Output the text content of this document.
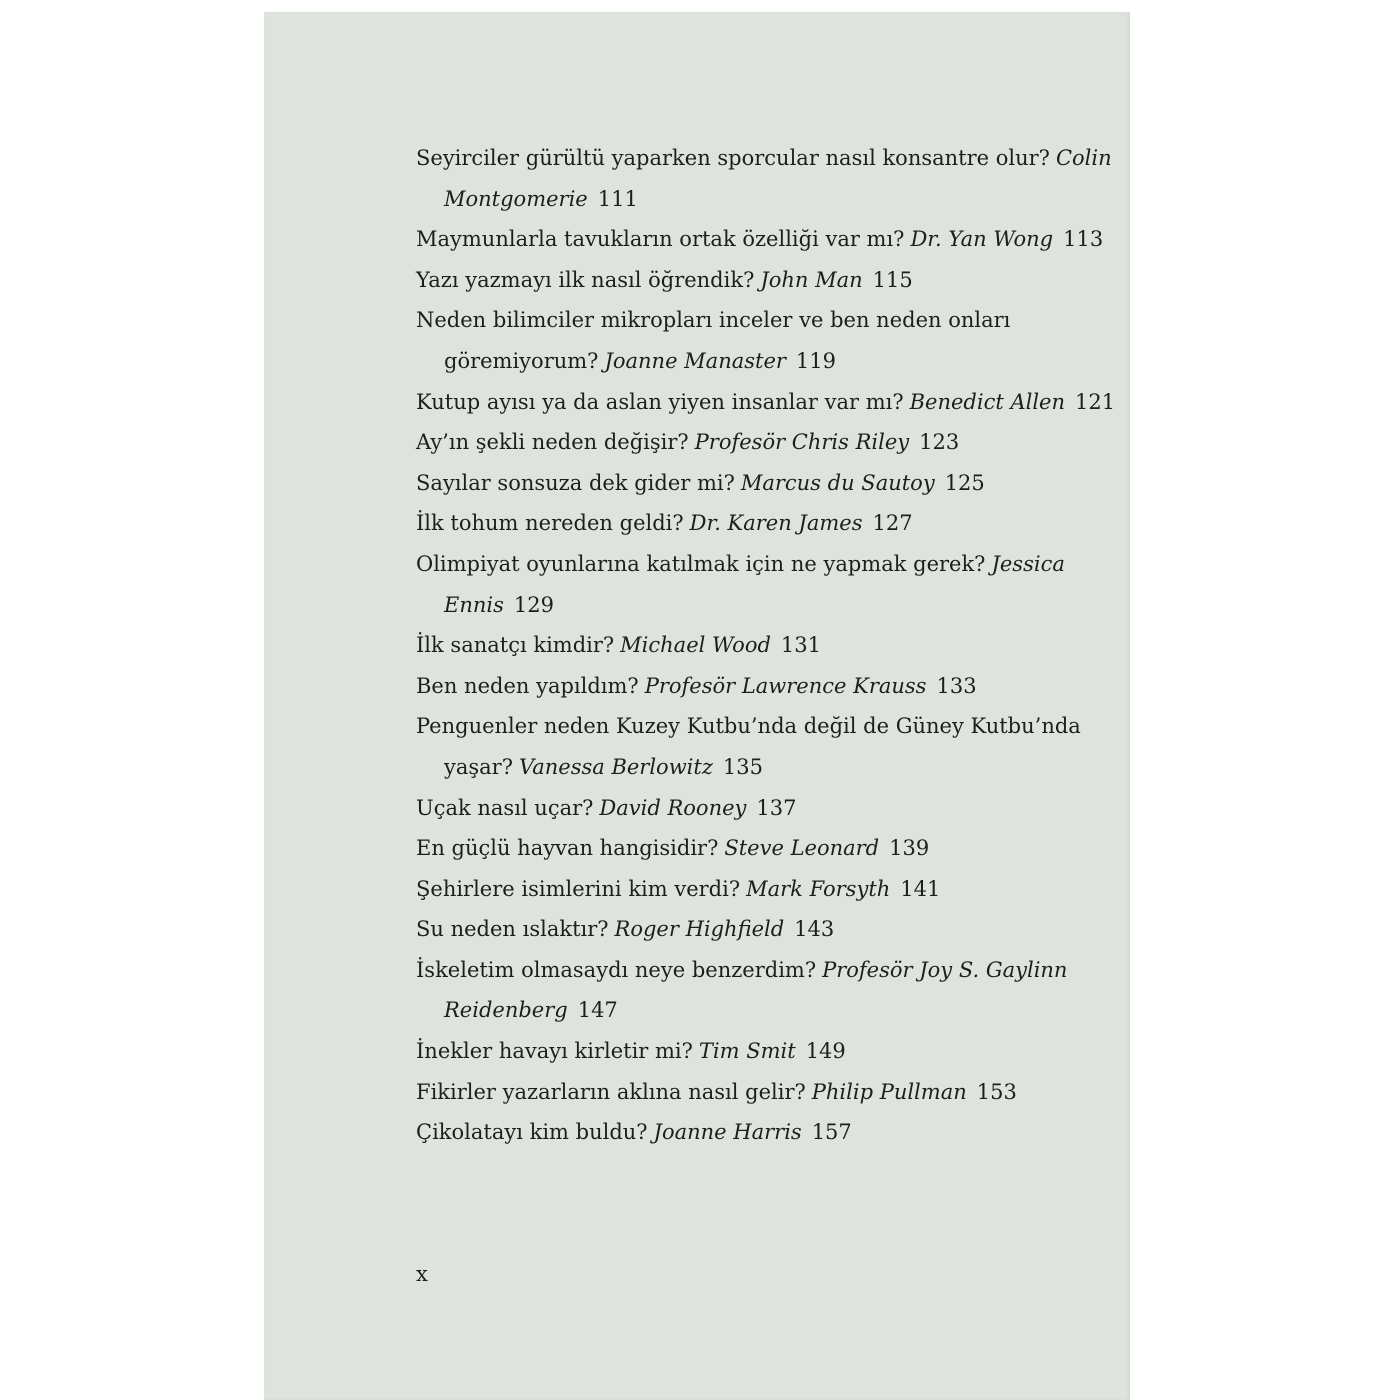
Seyirciler gürültü yaparken sporcular nasıl konsantre olur? Colin Montgomerie 111
Maymunlarla tavukların ortak özelliği var mı? Dr. Yan Wong 113
Yazı yazmayı ilk nasıl öğrendik? John Man 115
Neden bilimciler mikropları inceler ve ben neden onları göremiyorum? Joanne Manaster 119
Kutup ayısı ya da aslan yiyen insanlar var mı? Benedict Allen 121
Ay’ın şekli neden değişir? Profesör Chris Riley 123
Sayılar sonsuza dek gider mi? Marcus du Sautoy 125
İlk tohum nereden geldi? Dr. Karen James 127
Olimpiyat oyunlarına katılmak için ne yapmak gerek? Jessica Ennis 129
İlk sanatçı kimdir? Michael Wood 131
Ben neden yapıldım? Profesör Lawrence Krauss 133
Penguenler neden Kuzey Kutbu’nda değil de Güney Kutbu’nda yaşar? Vanessa Berlowitz 135
Uçak nasıl uçar? David Rooney 137
En güçlü hayvan hangisidir? Steve Leonard 139
Şehirlere isimlerini kim verdi? Mark Forsyth 141
Su neden ıslaktır? Roger Highfield 143
İskeletim olmasaydı neye benzerdim? Profesör Joy S. Gaylinn Reidenberg 147
İnekler havayı kirletir mi? Tim Smit 149
Fikirler yazarların aklına nasıl gelir? Philip Pullman 153
Çikolatayı kim buldu? Joanne Harris 157
x
